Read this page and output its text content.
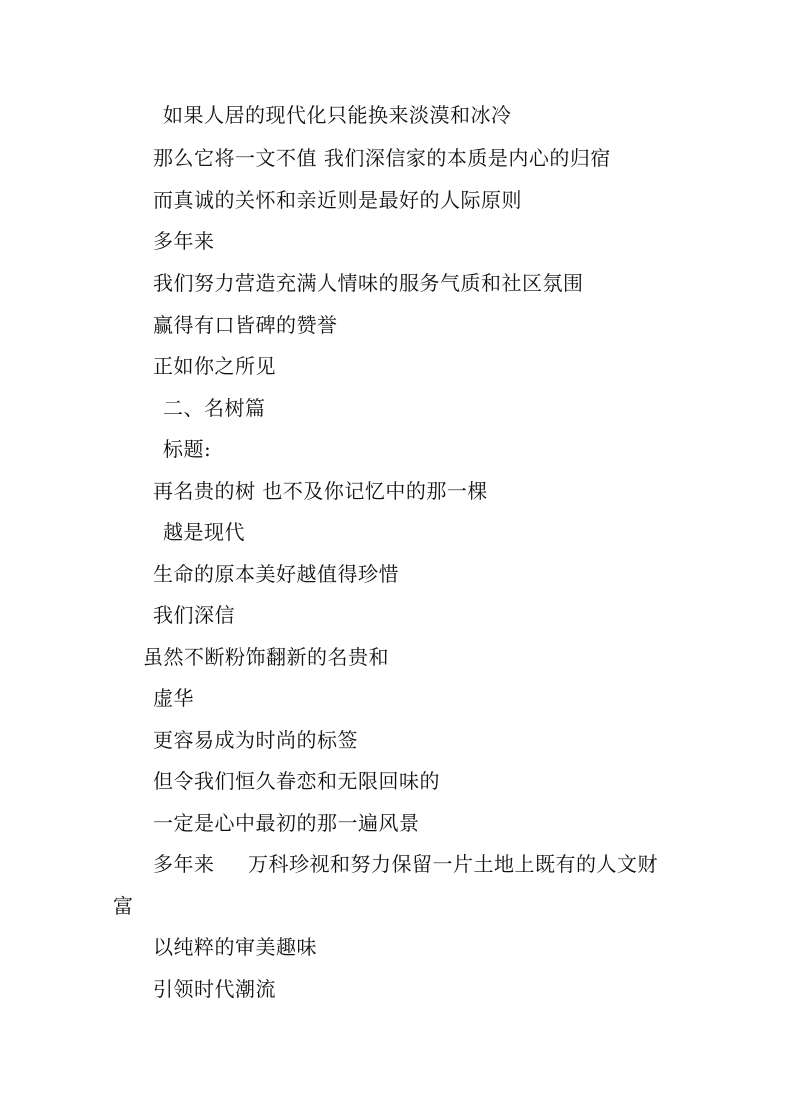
如果人居的现代化只能换来淡漠和冰冷
那么它将一文不值 我们深信家的本质是内心的归宿
而真诚的关怀和亲近则是最好的人际原则
多年来
我们努力营造充满人情味的服务气质和社区氛围
赢得有口皆碑的赞誉
正如你之所见
二、名树篇
标题:
再名贵的树 也不及你记忆中的那一棵
越是现代
生命的原本美好越值得珍惜
我们深信
虽然不断粉饰翻新的名贵和
虚华
更容易成为时尚的标签
但令我们恒久眷恋和无限回味的
一定是心中最初的那一遍风景
多年来 万科珍视和努力保留一片土地上既有的人文财
富
以纯粹的审美趣味
引领时代潮流
